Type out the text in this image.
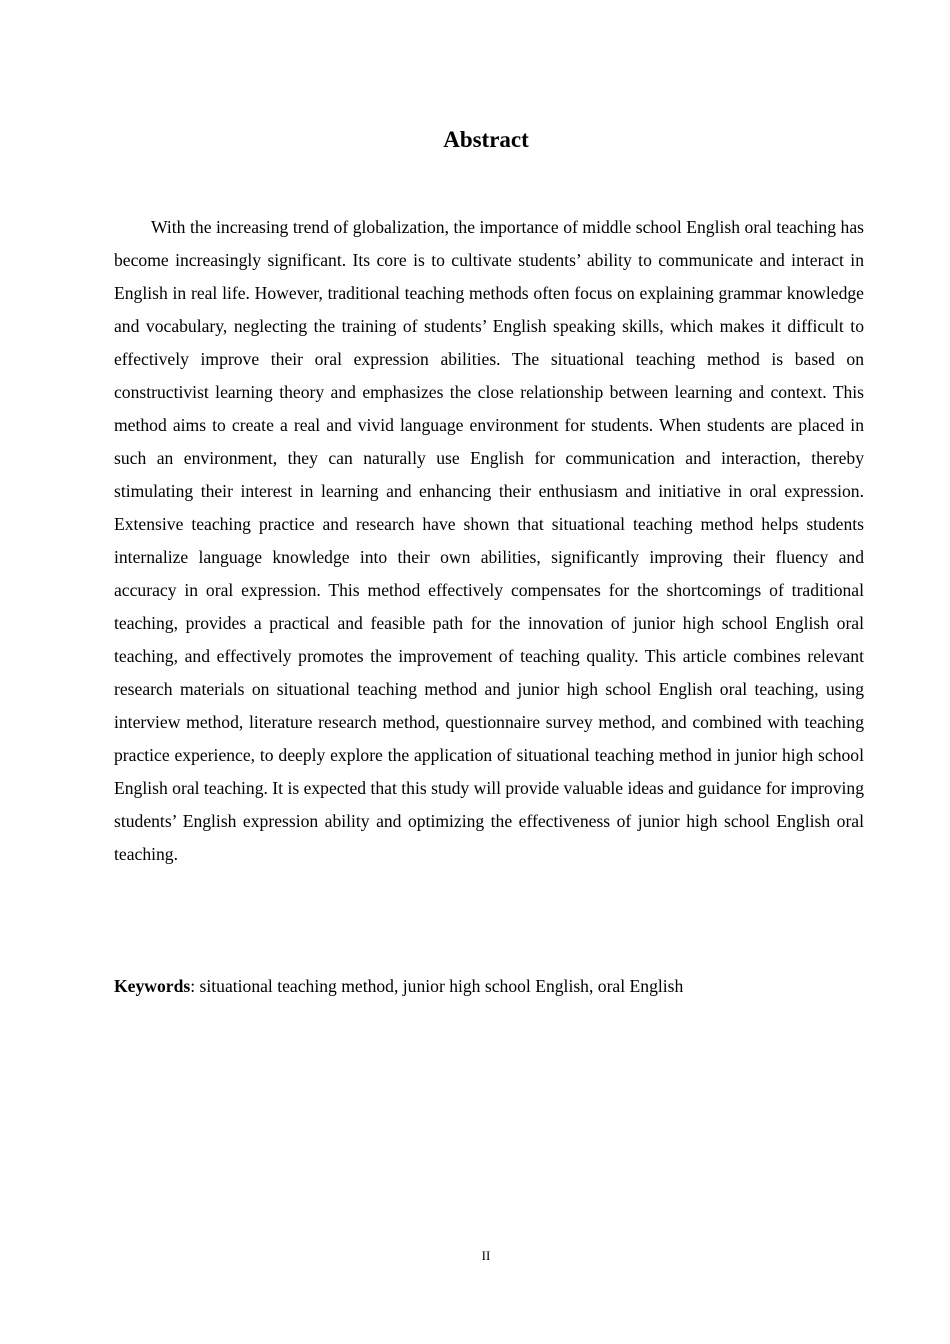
Abstract

With the increasing trend of globalization, the importance of middle school English oral teaching has become increasingly significant. Its core is to cultivate students’ ability to communicate and interact in English in real life. However, traditional teaching methods often focus on explaining grammar knowledge and vocabulary, neglecting the training of students’ English speaking skills, which makes it difficult to effectively improve their oral expression abilities. The situational teaching method is based on constructivist learning theory and emphasizes the close relationship between learning and context. This method aims to create a real and vivid language environment for students. When students are placed in such an environment, they can naturally use English for communication and interaction, thereby stimulating their interest in learning and enhancing their enthusiasm and initiative in oral expression. Extensive teaching practice and research have shown that situational teaching method helps students internalize language knowledge into their own abilities, significantly improving their fluency and accuracy in oral expression. This method effectively compensates for the shortcomings of traditional teaching, provides a practical and feasible path for the innovation of junior high school English oral teaching, and effectively promotes the improvement of teaching quality. This article combines relevant research materials on situational teaching method and junior high school English oral teaching, using interview method, literature research method, questionnaire survey method, and combined with teaching practice experience, to deeply explore the application of situational teaching method in junior high school English oral teaching. It is expected that this study will provide valuable ideas and guidance for improving students’ English expression ability and optimizing the effectiveness of junior high school English oral teaching.

Keywords: situational teaching method, junior high school English, oral English

II
